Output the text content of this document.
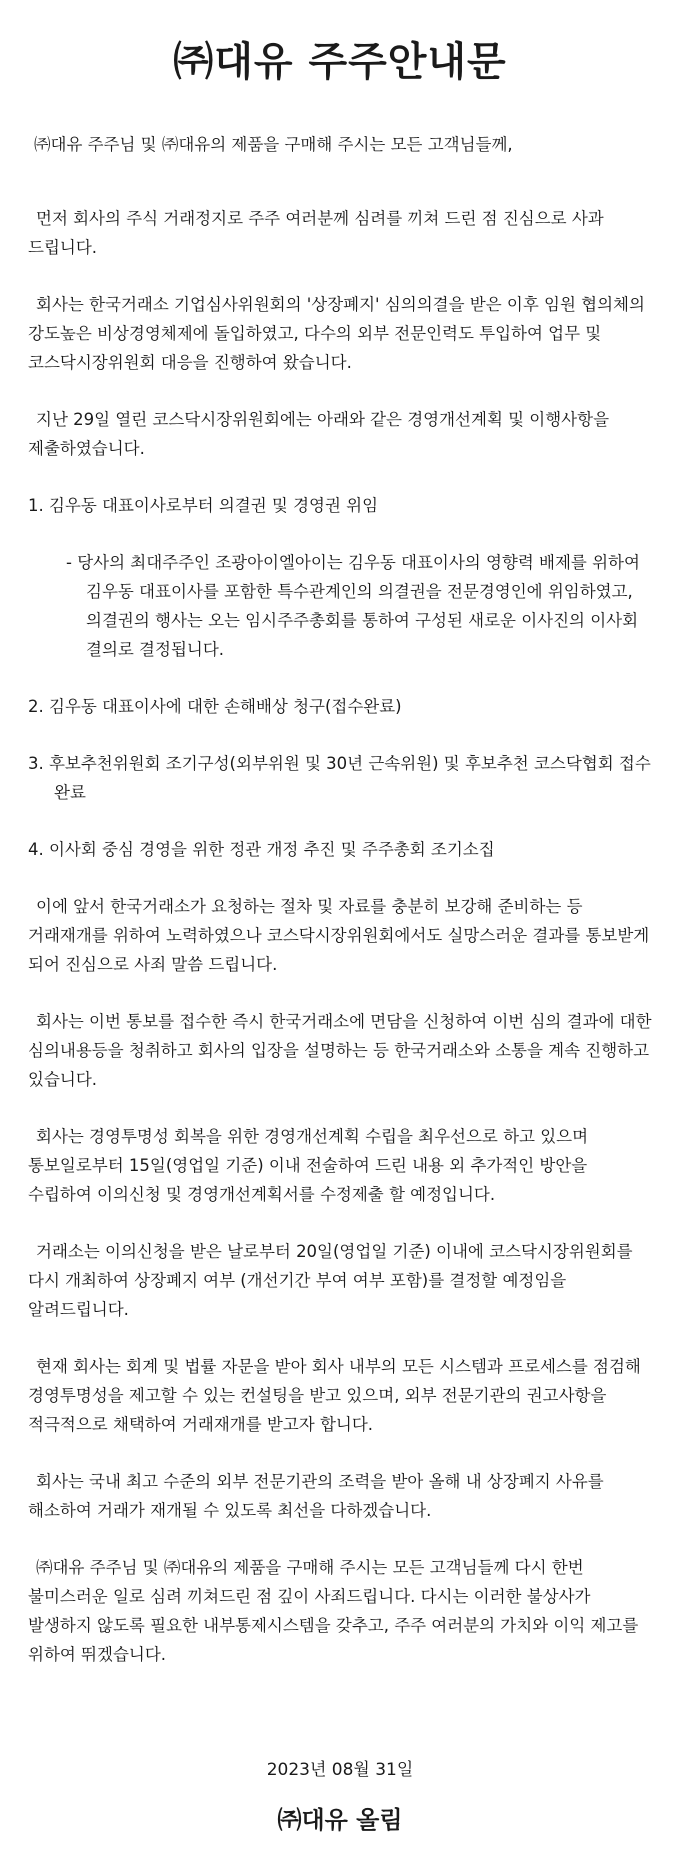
㈜대유 주주안내문

㈜대유 주주님 및 ㈜대유의 제품을 구매해 주시는 모든 고객님들께,

먼저 회사의 주식 거래정지로 주주 여러분께 심려를 끼쳐 드린 점 진심으로 사과 드립니다.

회사는 한국거래소 기업심사위원회의 '상장폐지' 심의의결을 받은 이후 임원 협의체의 강도높은 비상경영체제에 돌입하였고, 다수의 외부 전문인력도 투입하여 업무 및 코스닥시장위원회 대응을 진행하여 왔습니다.

지난 29일 열린 코스닥시장위원회에는 아래와 같은 경영개선계획 및 이행사항을 제출하였습니다.

1. 김우동 대표이사로부터 의결권 및 경영권 위임

- 당사의 최대주주인 조광아이엘아이는 김우동 대표이사의 영향력 배제를 위하여 김우동 대표이사를 포함한 특수관계인의 의결권을 전문경영인에 위임하였고, 의결권의 행사는 오는 임시주주총회를 통하여 구성된 새로운 이사진의 이사회 결의로 결정됩니다.

2. 김우동 대표이사에 대한 손해배상 청구(접수완료)

3. 후보추천위원회 조기구성(외부위원 및 30년 근속위원) 및 후보추천 코스닥협회 접수 완료

4. 이사회 중심 경영을 위한 정관 개정 추진 및 주주총회 조기소집

이에 앞서 한국거래소가 요청하는 절차 및 자료를 충분히 보강해 준비하는 등 거래재개를 위하여 노력하였으나 코스닥시장위원회에서도 실망스러운 결과를 통보받게 되어 진심으로 사죄 말씀 드립니다.

회사는 이번 통보를 접수한 즉시 한국거래소에 면담을 신청하여 이번 심의 결과에 대한 심의내용등을 청취하고 회사의 입장을 설명하는 등 한국거래소와 소통을 계속 진행하고 있습니다.

회사는 경영투명성 회복을 위한 경영개선계획 수립을 최우선으로 하고 있으며 통보일로부터 15일(영업일 기준) 이내 전술하여 드린 내용 외 추가적인 방안을 수립하여 이의신청 및 경영개선계획서를 수정제출 할 예정입니다.

거래소는 이의신청을 받은 날로부터 20일(영업일 기준) 이내에 코스닥시장위원회를 다시 개최하여 상장폐지 여부 (개선기간 부여 여부 포함)를 결정할 예정임을 알려드립니다.

현재 회사는 회계 및 법률 자문을 받아 회사 내부의 모든 시스템과 프로세스를 점검해 경영투명성을 제고할 수 있는 컨설팅을 받고 있으며, 외부 전문기관의 권고사항을 적극적으로 채택하여 거래재개를 받고자 합니다.

회사는 국내 최고 수준의 외부 전문기관의 조력을 받아 올해 내 상장폐지 사유를 해소하여 거래가 재개될 수 있도록 최선을 다하겠습니다.

㈜대유 주주님 및 ㈜대유의 제품을 구매해 주시는 모든 고객님들께 다시 한번 불미스러운 일로 심려 끼쳐드린 점 깊이 사죄드립니다. 다시는 이러한 불상사가 발생하지 않도록 필요한 내부통제시스템을 갖추고, 주주 여러분의 가치와 이익 제고를 위하여 뛰겠습니다.

2023년 08월 31일

㈜대유 올림
